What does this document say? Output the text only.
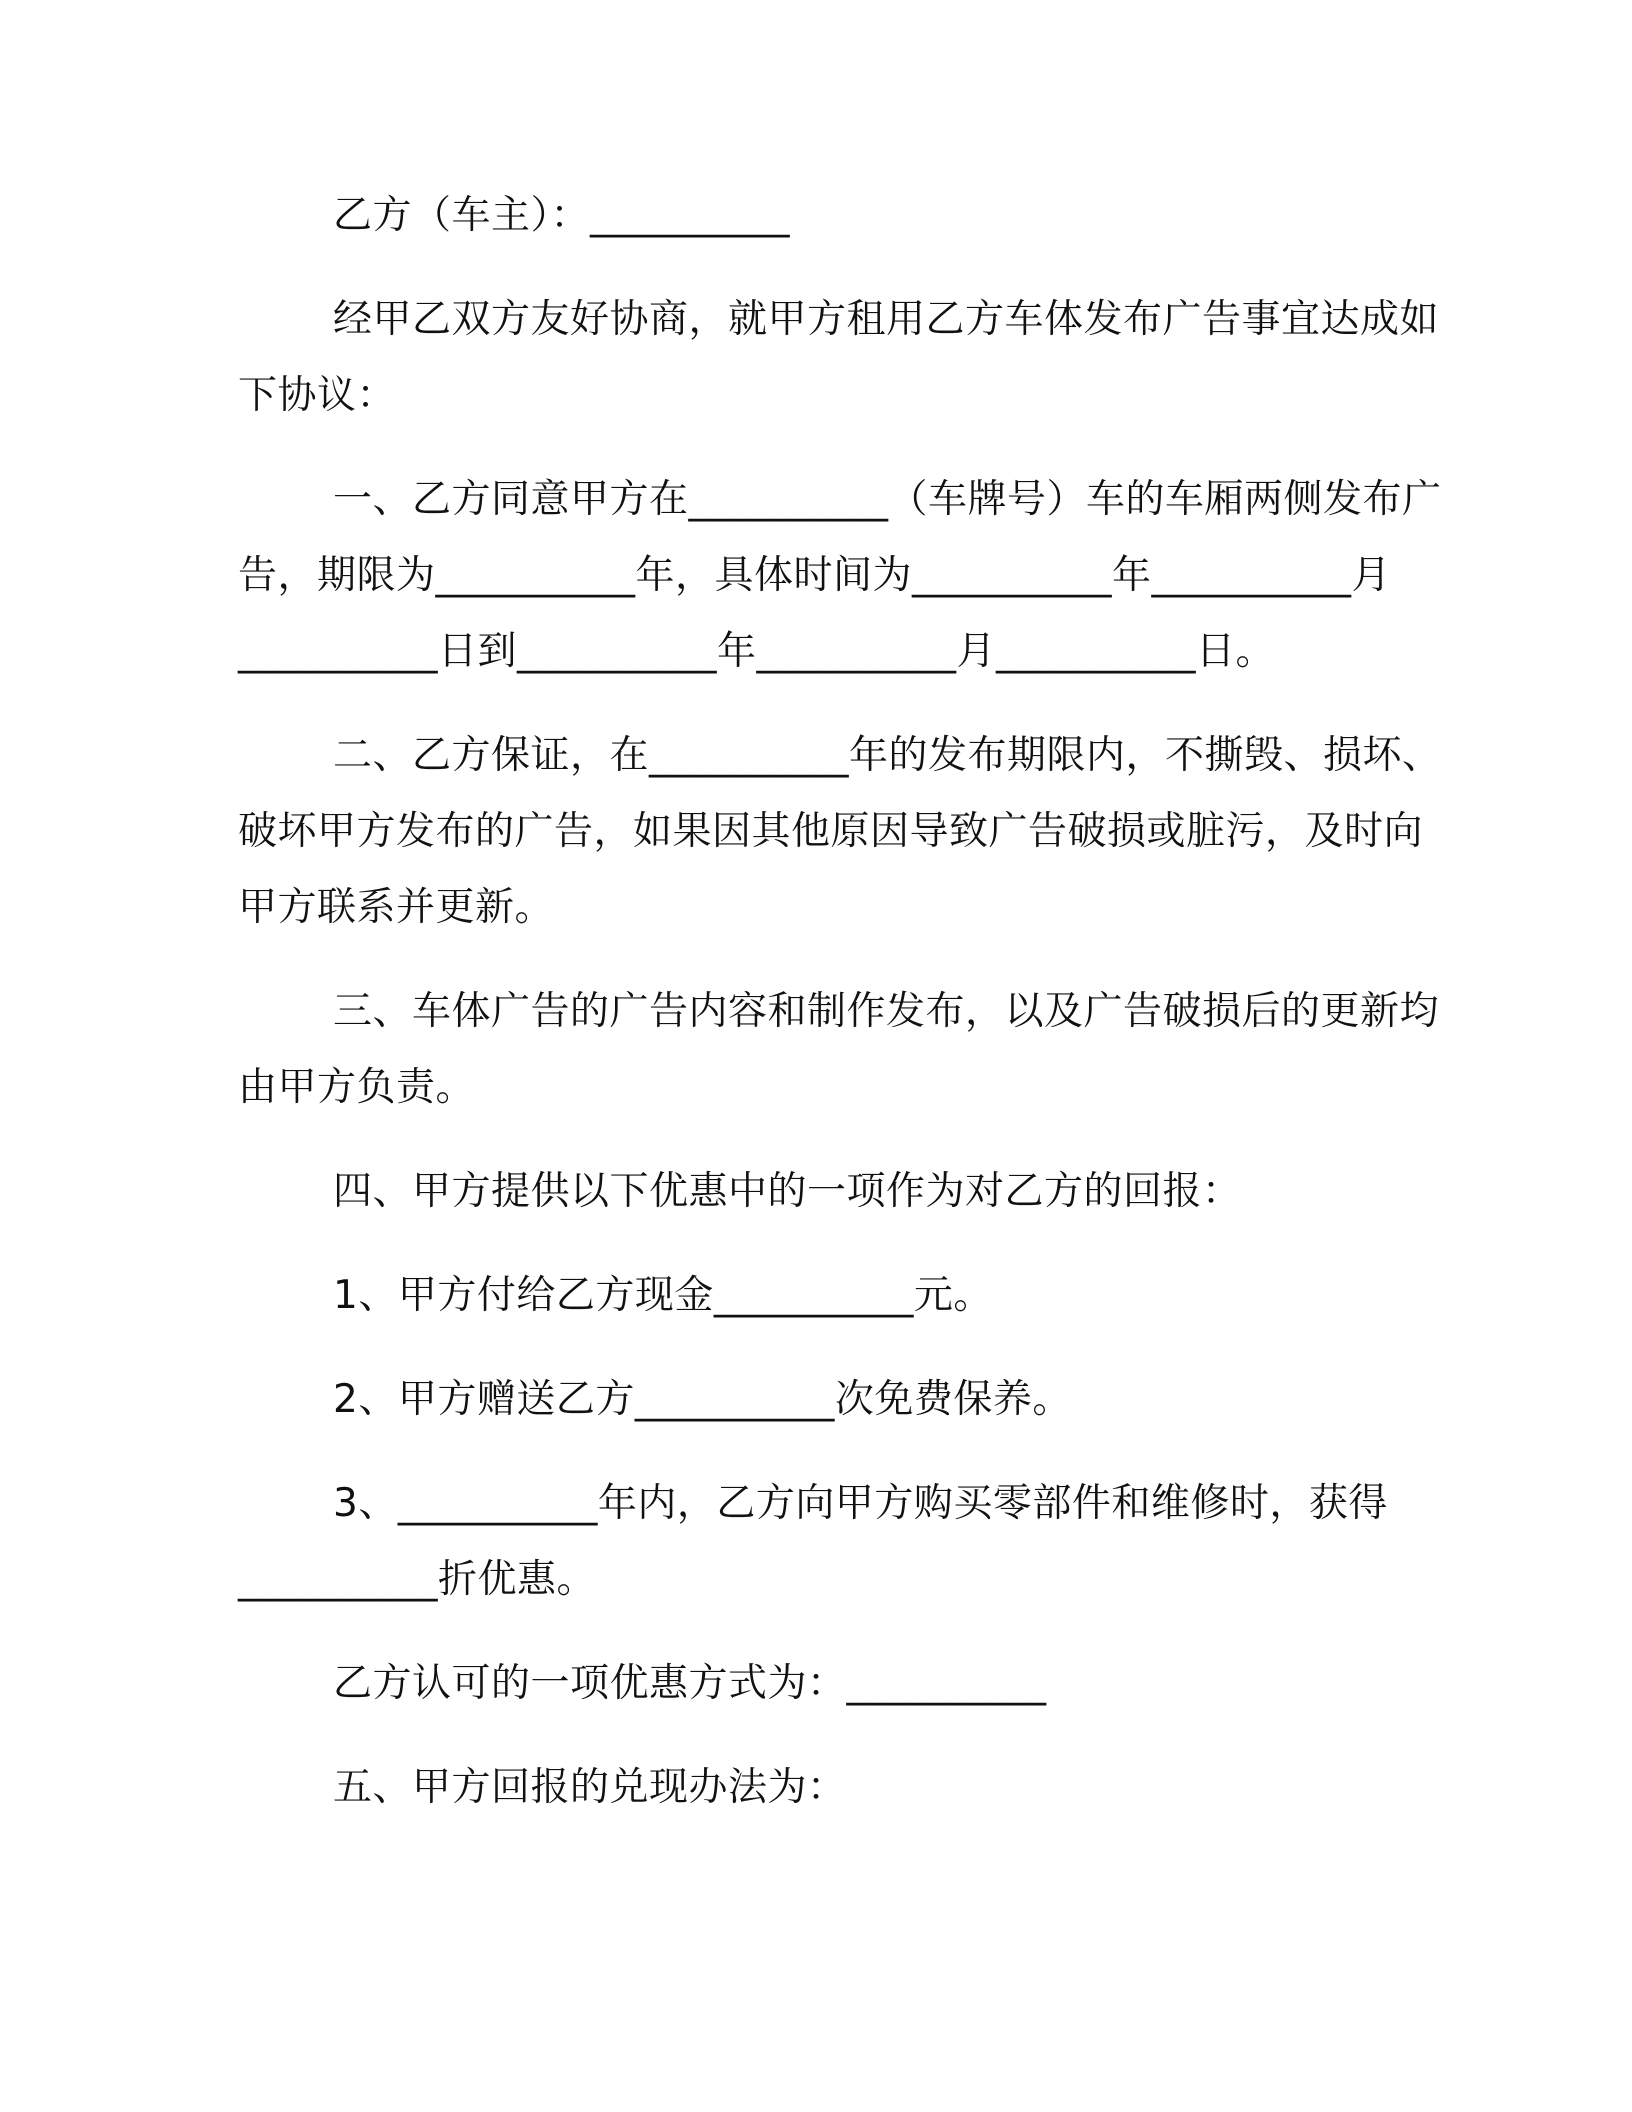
乙方（车主）：__________
经甲乙双方友好协商，就甲方租用乙方车体发布广告事宜达成如
下协议：
一、乙方同意甲方在__________（车牌号）车的车厢两侧发布广
告，期限为__________年，具体时间为__________年__________月
__________日到__________年__________月__________日。
二、乙方保证，在__________年的发布期限内，不撕毁、损坏、
破坏甲方发布的广告，如果因其他原因导致广告破损或脏污，及时向
甲方联系并更新。
三、车体广告的广告内容和制作发布，以及广告破损后的更新均
由甲方负责。
四、甲方提供以下优惠中的一项作为对乙方的回报：
1、甲方付给乙方现金__________元。
2、甲方赠送乙方__________次免费保养。
3、__________年内，乙方向甲方购买零部件和维修时，获得
__________折优惠。
乙方认可的一项优惠方式为：__________
五、甲方回报的兑现办法为：
